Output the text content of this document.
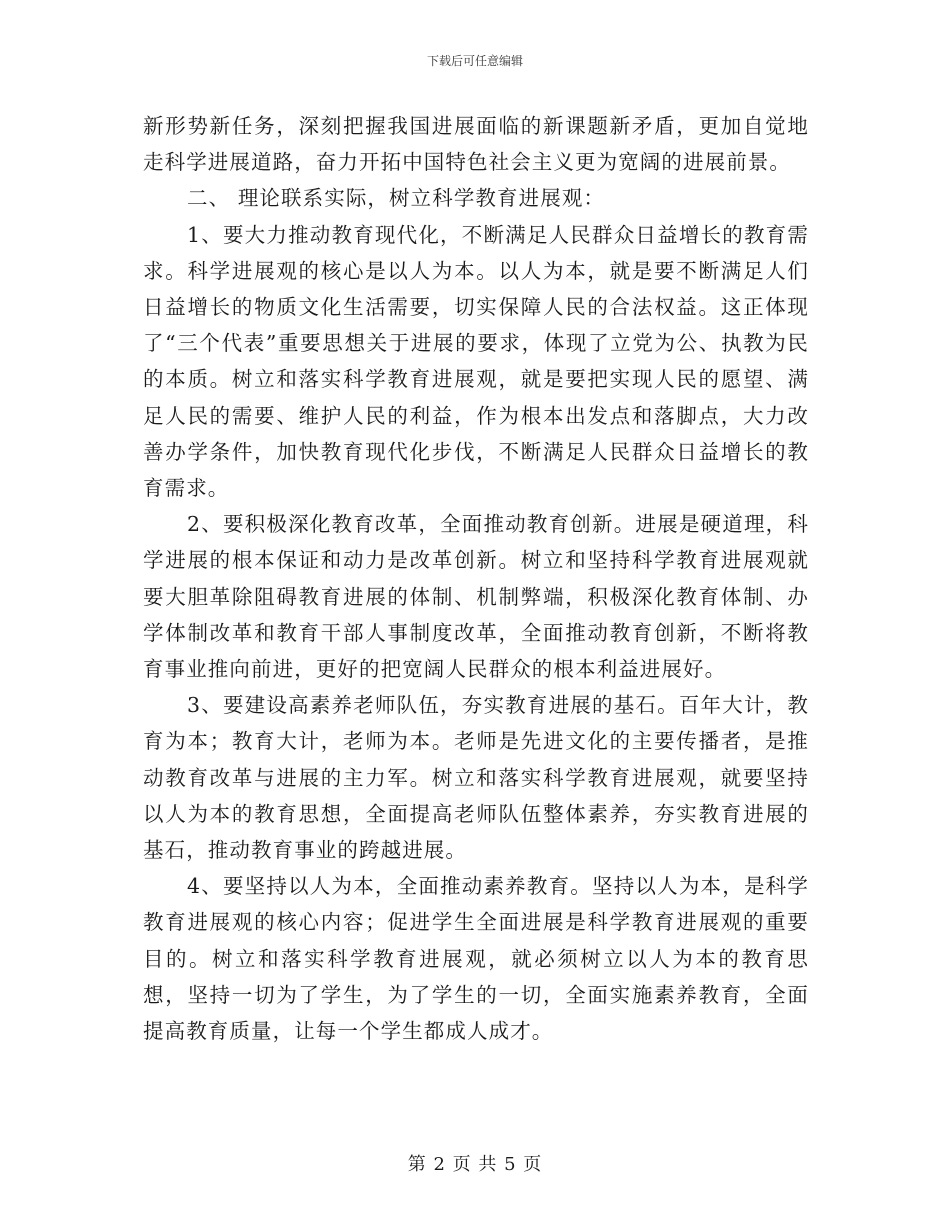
下载后可任意编辑

新形势新任务，深刻把握我国进展面临的新课题新矛盾，更加自觉地走科学进展道路，奋力开拓中国特色社会主义更为宽阔的进展前景。

二、 理论联系实际，树立科学教育进展观：

1、要大力推动教育现代化，不断满足人民群众日益增长的教育需求。科学进展观的核心是以人为本。以人为本，就是要不断满足人们日益增长的物质文化生活需要，切实保障人民的合法权益。这正体现了“三个代表”重要思想关于进展的要求，体现了立党为公、执教为民的本质。树立和落实科学教育进展观，就是要把实现人民的愿望、满足人民的需要、维护人民的利益，作为根本出发点和落脚点，大力改善办学条件，加快教育现代化步伐，不断满足人民群众日益增长的教育需求。

2、要积极深化教育改革，全面推动教育创新。进展是硬道理，科学进展的根本保证和动力是改革创新。树立和坚持科学教育进展观就要大胆革除阻碍教育进展的体制、机制弊端，积极深化教育体制、办学体制改革和教育干部人事制度改革，全面推动教育创新，不断将教育事业推向前进，更好的把宽阔人民群众的根本利益进展好。

3、要建设高素养老师队伍，夯实教育进展的基石。百年大计，教育为本；教育大计，老师为本。老师是先进文化的主要传播者，是推动教育改革与进展的主力军。树立和落实科学教育进展观，就要坚持以人为本的教育思想，全面提高老师队伍整体素养，夯实教育进展的基石，推动教育事业的跨越进展。

4、要坚持以人为本，全面推动素养教育。坚持以人为本，是科学教育进展观的核心内容；促进学生全面进展是科学教育进展观的重要目的。树立和落实科学教育进展观，就必须树立以人为本的教育思想，坚持一切为了学生，为了学生的一切，全面实施素养教育，全面提高教育质量，让每一个学生都成人成才。

第 2 页 共 5 页
